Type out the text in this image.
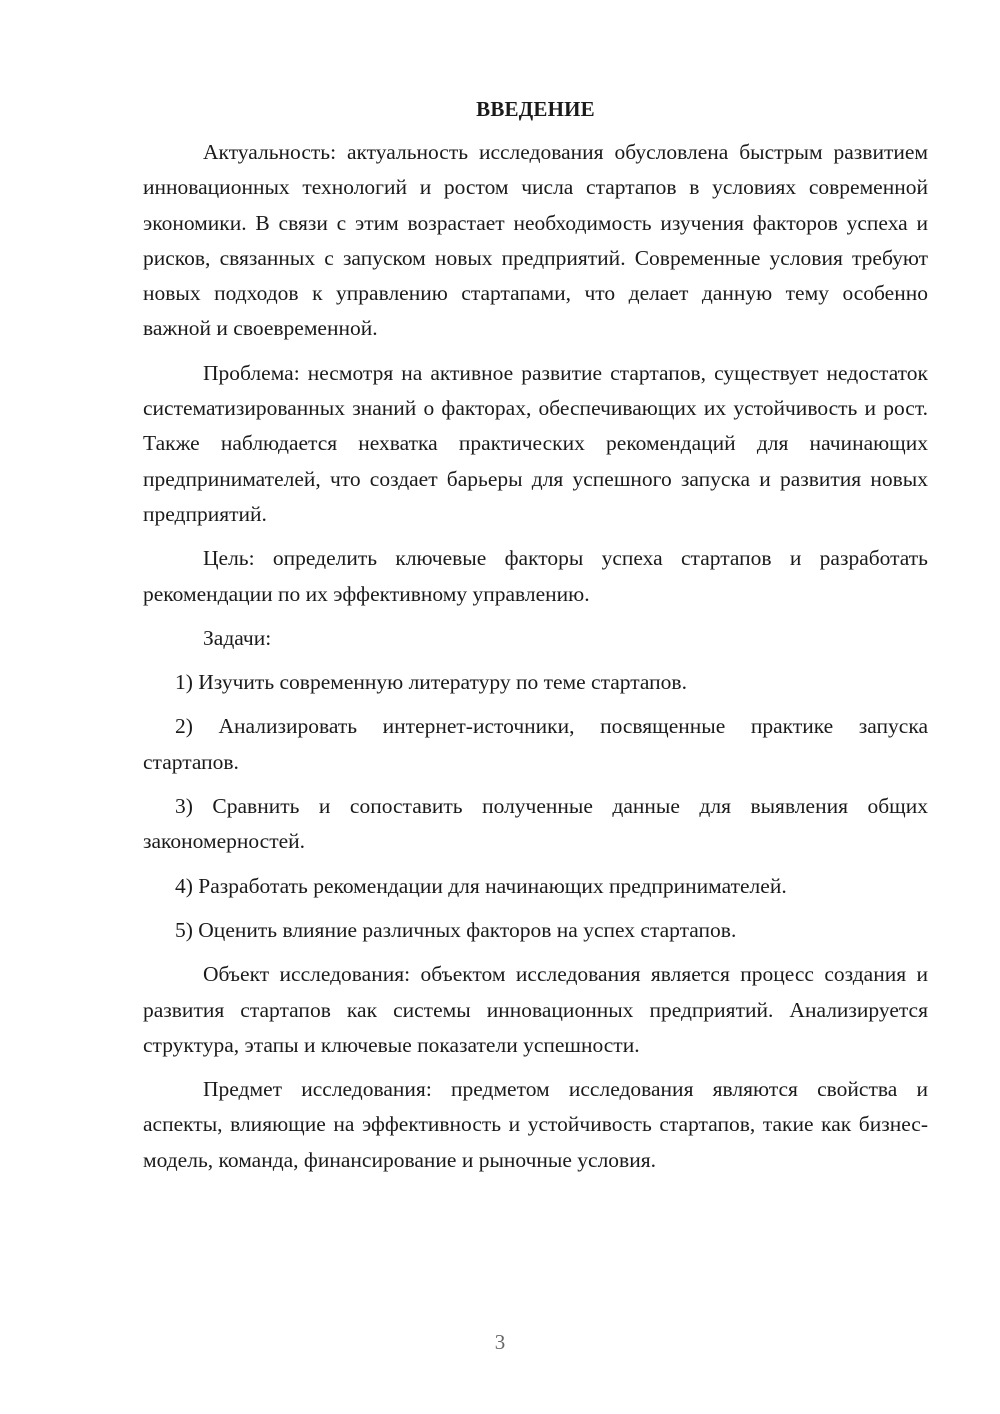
ВВЕДЕНИЕ

Актуальность: актуальность исследования обусловлена быстрым развитием инновационных технологий и ростом числа стартапов в условиях современной экономики. В связи с этим возрастает необходимость изучения факторов успеха и рисков, связанных с запуском новых предприятий. Современные условия требуют новых подходов к управлению стартапами, что делает данную тему особенно важной и своевременной.

Проблема: несмотря на активное развитие стартапов, существует недостаток систематизированных знаний о факторах, обеспечивающих их устойчивость и рост. Также наблюдается нехватка практических рекомендаций для начинающих предпринимателей, что создает барьеры для успешного запуска и развития новых предприятий.

Цель: определить ключевые факторы успеха стартапов и разработать рекомендации по их эффективному управлению.

Задачи:

1) Изучить современную литературу по теме стартапов.

2) Анализировать интернет-источники, посвященные практике запуска стартапов.

3) Сравнить и сопоставить полученные данные для выявления общих закономерностей.

4) Разработать рекомендации для начинающих предпринимателей.

5) Оценить влияние различных факторов на успех стартапов.

Объект исследования: объектом исследования является процесс создания и развития стартапов как системы инновационных предприятий. Анализируется структура, этапы и ключевые показатели успешности.

Предмет исследования: предметом исследования являются свойства и аспекты, влияющие на эффективность и устойчивость стартапов, такие как бизнес-модель, команда, финансирование и рыночные условия.

3
